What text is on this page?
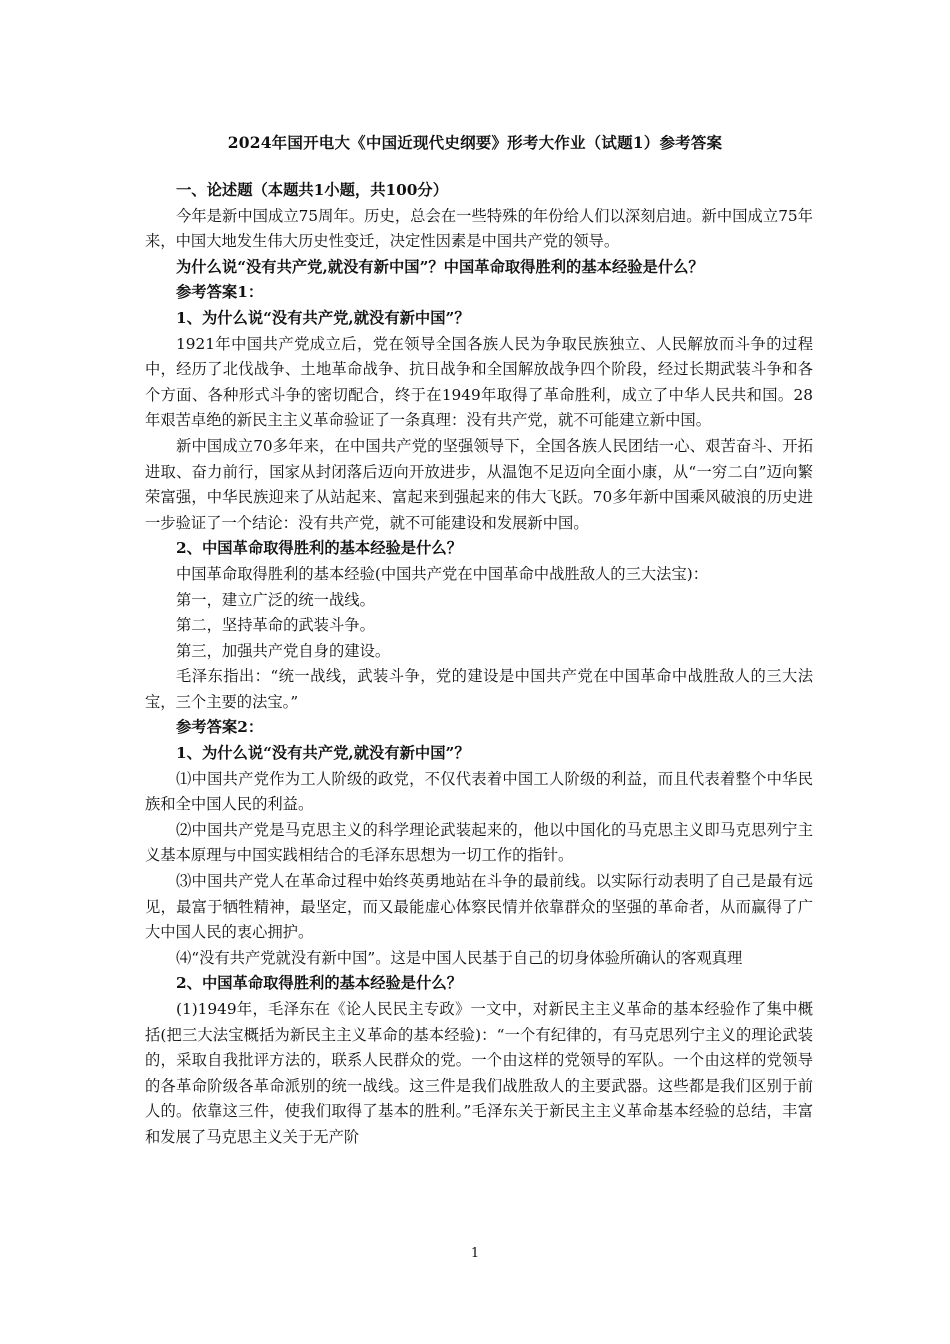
2024年国开电大《中国近现代史纲要》形考大作业（试题1）参考答案

一、论述题（本题共1小题，共100分）

今年是新中国成立75周年。历史，总会在一些特殊的年份给人们以深刻启迪。新中国成立75年来，中国大地发生伟大历史性变迁，决定性因素是中国共产党的领导。

为什么说“没有共产党,就没有新中国”？中国革命取得胜利的基本经验是什么？

参考答案1：

1、为什么说“没有共产党,就没有新中国”？

1921年中国共产党成立后，党在领导全国各族人民为争取民族独立、人民解放而斗争的过程中，经历了北伐战争、土地革命战争、抗日战争和全国解放战争四个阶段，经过长期武装斗争和各个方面、各种形式斗争的密切配合，终于在1949年取得了革命胜利，成立了中华人民共和国。28年艰苦卓绝的新民主主义革命验证了一条真理：没有共产党，就不可能建立新中国。

新中国成立70多年来，在中国共产党的坚强领导下，全国各族人民团结一心、艰苦奋斗、开拓进取、奋力前行，国家从封闭落后迈向开放进步，从温饱不足迈向全面小康，从“一穷二白”迈向繁荣富强，中华民族迎来了从站起来、富起来到强起来的伟大飞跃。70多年新中国乘风破浪的历史进一步验证了一个结论：没有共产党，就不可能建设和发展新中国。

2、中国革命取得胜利的基本经验是什么？

中国革命取得胜利的基本经验(中国共产党在中国革命中战胜敌人的三大法宝)：

第一，建立广泛的统一战线。

第二，坚持革命的武装斗争。

第三，加强共产党自身的建设。

毛泽东指出：“统一战线，武装斗争，党的建设是中国共产党在中国革命中战胜敌人的三大法宝，三个主要的法宝。”

参考答案2：

1、为什么说“没有共产党,就没有新中国”？

⑴中国共产党作为工人阶级的政党，不仅代表着中国工人阶级的利益，而且代表着整个中华民族和全中国人民的利益。

⑵中国共产党是马克思主义的科学理论武装起来的，他以中国化的马克思主义即马克思列宁主义基本原理与中国实践相结合的毛泽东思想为一切工作的指针。

⑶中国共产党人在革命过程中始终英勇地站在斗争的最前线。以实际行动表明了自己是最有远见，最富于牺牲精神，最坚定，而又最能虚心体察民情并依靠群众的坚强的革命者，从而赢得了广大中国人民的衷心拥护。

⑷“没有共产党就没有新中国”。这是中国人民基于自己的切身体验所确认的客观真理

2、中国革命取得胜利的基本经验是什么？

(1)1949年，毛泽东在《论人民民主专政》一文中，对新民主主义革命的基本经验作了集中概括(把三大法宝概括为新民主主义革命的基本经验)：“一个有纪律的，有马克思列宁主义的理论武装的，采取自我批评方法的，联系人民群众的党。一个由这样的党领导的军队。一个由这样的党领导的各革命阶级各革命派别的统一战线。这三件是我们战胜敌人的主要武器。这些都是我们区别于前人的。依靠这三件，使我们取得了基本的胜利。”毛泽东关于新民主主义革命基本经验的总结，丰富和发展了马克思主义关于无产阶

1
